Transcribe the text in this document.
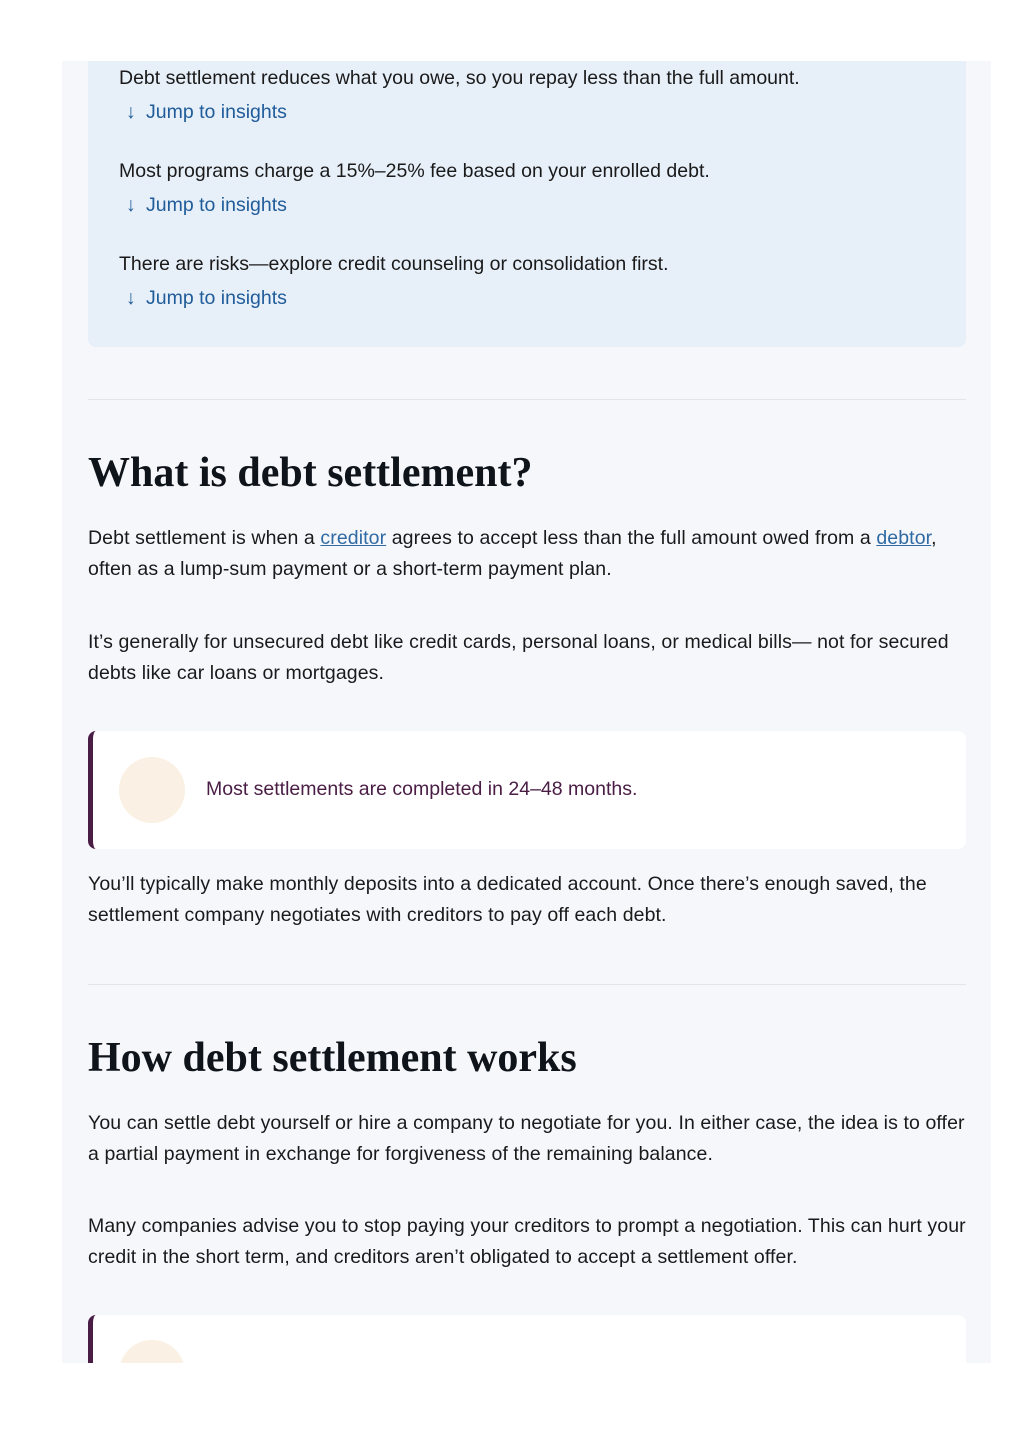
Debt settlement reduces what you owe, so you repay less than the full amount.
↓ Jump to insights
Most programs charge a 15%–25% fee based on your enrolled debt.
↓ Jump to insights
There are risks—explore credit counseling or consolidation first.
↓ Jump to insights
What is debt settlement?

Debt settlement is when a creditor agrees to accept less than the full amount owed from a debtor, often as a lump-sum payment or a short-term payment plan.

It’s generally for unsecured debt like credit cards, personal loans, or medical bills— not for secured debts like car loans or mortgages.

Most settlements are completed in 24–48 months.

You’ll typically make monthly deposits into a dedicated account. Once there’s enough saved, the settlement company negotiates with creditors to pay off each debt.

How debt settlement works

You can settle debt yourself or hire a company to negotiate for you. In either case, the idea is to offer a partial payment in exchange for forgiveness of the remaining balance.

Many companies advise you to stop paying your creditors to prompt a negotiation. This can hurt your credit in the short term, and creditors aren’t obligated to accept a settlement offer.
